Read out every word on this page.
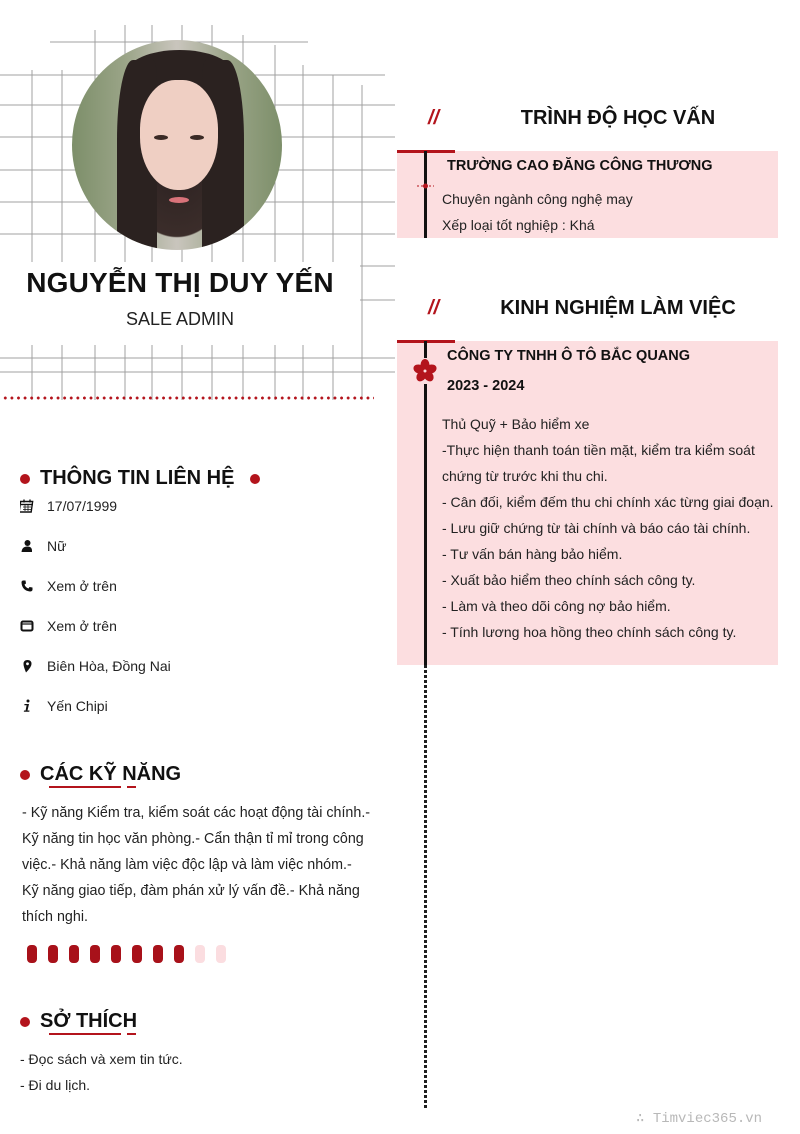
NGUYỄN THỊ DUY YẾN
SALE ADMIN
THÔNG TIN LIÊN HỆ
17/07/1999
Nữ
Xem ở trên
Xem ở trên
Biên Hòa, Đồng Nai
Yến Chipi
CÁC KỸ NĂNG
- Kỹ năng Kiểm tra, kiểm soát các hoạt động tài chính.- Kỹ năng tin học văn phòng.- Cẩn thận tỉ mỉ trong công việc.- Khả năng làm việc độc lập và làm việc nhóm.- Kỹ năng giao tiếp, đàm phán xử lý vấn đề.- Khả năng thích nghi.
SỞ THÍCH
- Đọc sách và xem tin tức.
- Đi du lịch.
//	TRÌNH ĐỘ HỌC VẤN
TRƯỜNG CAO ĐĂNG CÔNG THƯƠNG
Chuyên ngành công nghệ may
Xếp loại tốt nghiệp : Khá
//	KINH NGHIỆM LÀM VIỆC
CÔNG TY TNHH Ô TÔ BẮC QUANG
2023 - 2024
Thủ Quỹ + Bảo hiểm xe
-Thực hiện thanh toán tiền mặt, kiểm tra kiểm soát
chứng từ trước khi thu chi.
- Cân đối, kiểm đếm thu chi chính xác từng giai đoạn.
- Lưu giữ chứng từ tài chính và báo cáo tài chính.
- Tư vấn bán hàng bảo hiểm.
- Xuất bảo hiểm theo chính sách công ty.
- Làm và theo dõi công nợ bảo hiểm.
- Tính lương hoa hồng theo chính sách công ty.
∴ Timviec365.vn
